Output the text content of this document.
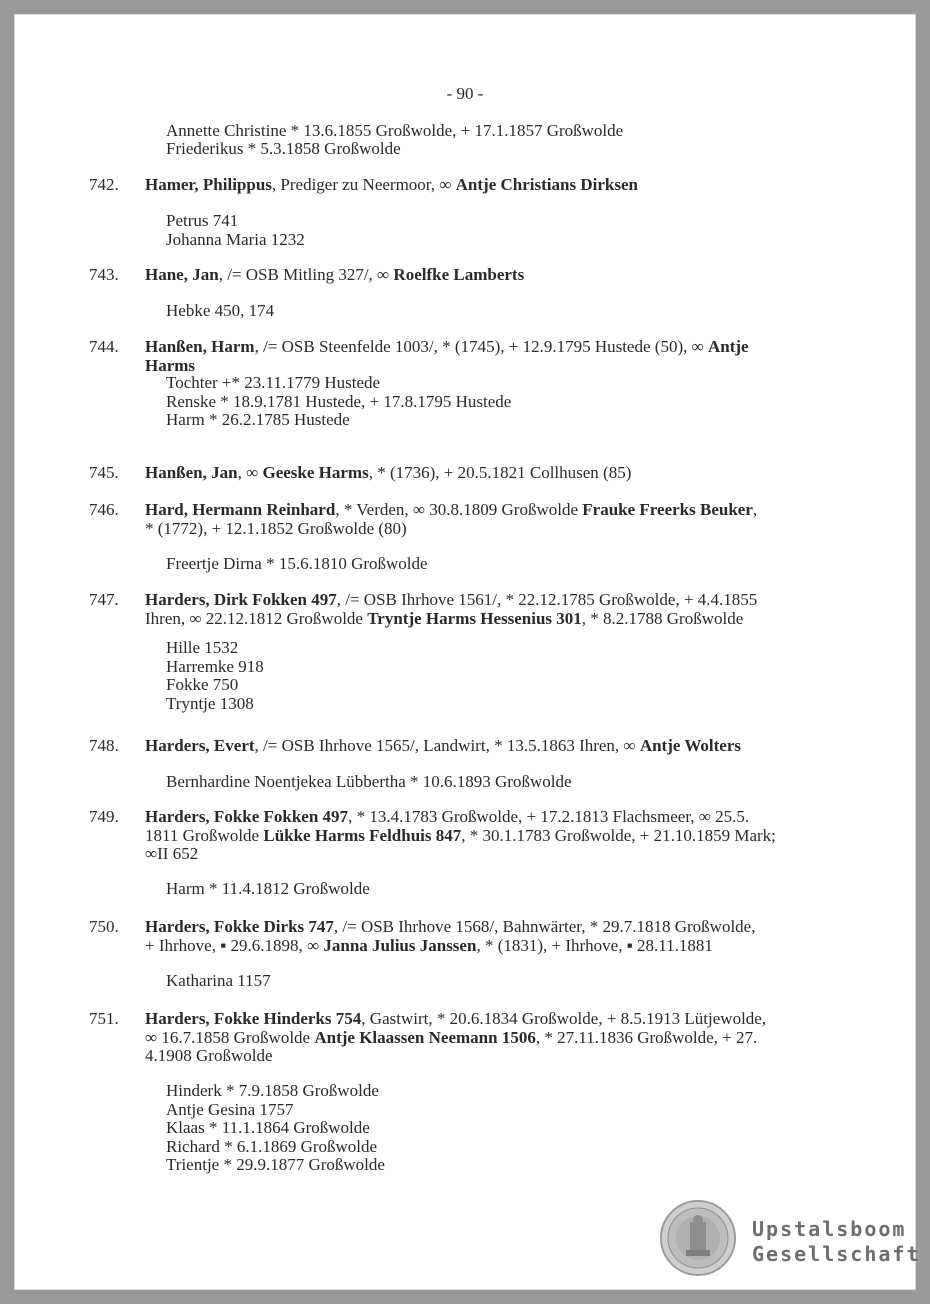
- 90 -
Annette Christine * 13.6.1855 Großwolde, + 17.1.1857 Großwolde
Friederikus * 5.3.1858 Großwolde
742. Hamer, Philippus, Prediger zu Neermoor, ∞ Antje Christians Dirksen
Petrus 741
Johanna Maria 1232
743. Hane, Jan, /= OSB Mitling 327/, ∞ Roelfke Lamberts
Hebke 450, 174
744. Hanßen, Harm, /= OSB Steenfelde 1003/, * (1745), + 12.9.1795 Hustede (50), ∞ Antje
Harms
Tochter +* 23.11.1779 Hustede
Renske * 18.9.1781 Hustede, + 17.8.1795 Hustede
Harm * 26.2.1785 Hustede
745. Hanßen, Jan, ∞ Geeske Harms, * (1736), + 20.5.1821 Collhusen (85)
746. Hard, Hermann Reinhard, * Verden, ∞ 30.8.1809 Großwolde Frauke Freerks Beuker,
* (1772), + 12.1.1852 Großwolde (80)
Freertje Dirna * 15.6.1810 Großwolde
747. Harders, Dirk Fokken 497, /= OSB Ihrhove 1561/, * 22.12.1785 Großwolde, + 4.4.1855
Ihren, ∞ 22.12.1812 Großwolde Tryntje Harms Hessenius 301, * 8.2.1788 Großwolde
Hille 1532
Harremke 918
Fokke 750
Tryntje 1308
748. Harders, Evert, /= OSB Ihrhove 1565/, Landwirt, * 13.5.1863 Ihren, ∞ Antje Wolters
Bernhardine Noentjekea Lübbertha * 10.6.1893 Großwolde
749. Harders, Fokke Fokken 497, * 13.4.1783 Großwolde, + 17.2.1813 Flachsmeer, ∞ 25.5.
1811 Großwolde Lükke Harms Feldhuis 847, * 30.1.1783 Großwolde, + 21.10.1859 Mark;
∞II 652
Harm * 11.4.1812 Großwolde
750. Harders, Fokke Dirks 747, /= OSB Ihrhove 1568/, Bahnwärter, * 29.7.1818 Großwolde,
+ Ihrhove, ▪ 29.6.1898, ∞ Janna Julius Janssen, * (1831), + Ihrhove, ▪ 28.11.1881
Katharina 1157
751. Harders, Fokke Hinderks 754, Gastwirt, * 20.6.1834 Großwolde, + 8.5.1913 Lütjewolde,
∞ 16.7.1858 Großwolde Antje Klaassen Neemann 1506, * 27.11.1836 Großwolde, + 27.
4.1908 Großwolde
Hinderk * 7.9.1858 Großwolde
Antje Gesina 1757
Klaas * 11.1.1864 Großwolde
Richard * 6.1.1869 Großwolde
Trientje * 29.9.1877 Großwolde
Upstalsboom
Gesellschaft
